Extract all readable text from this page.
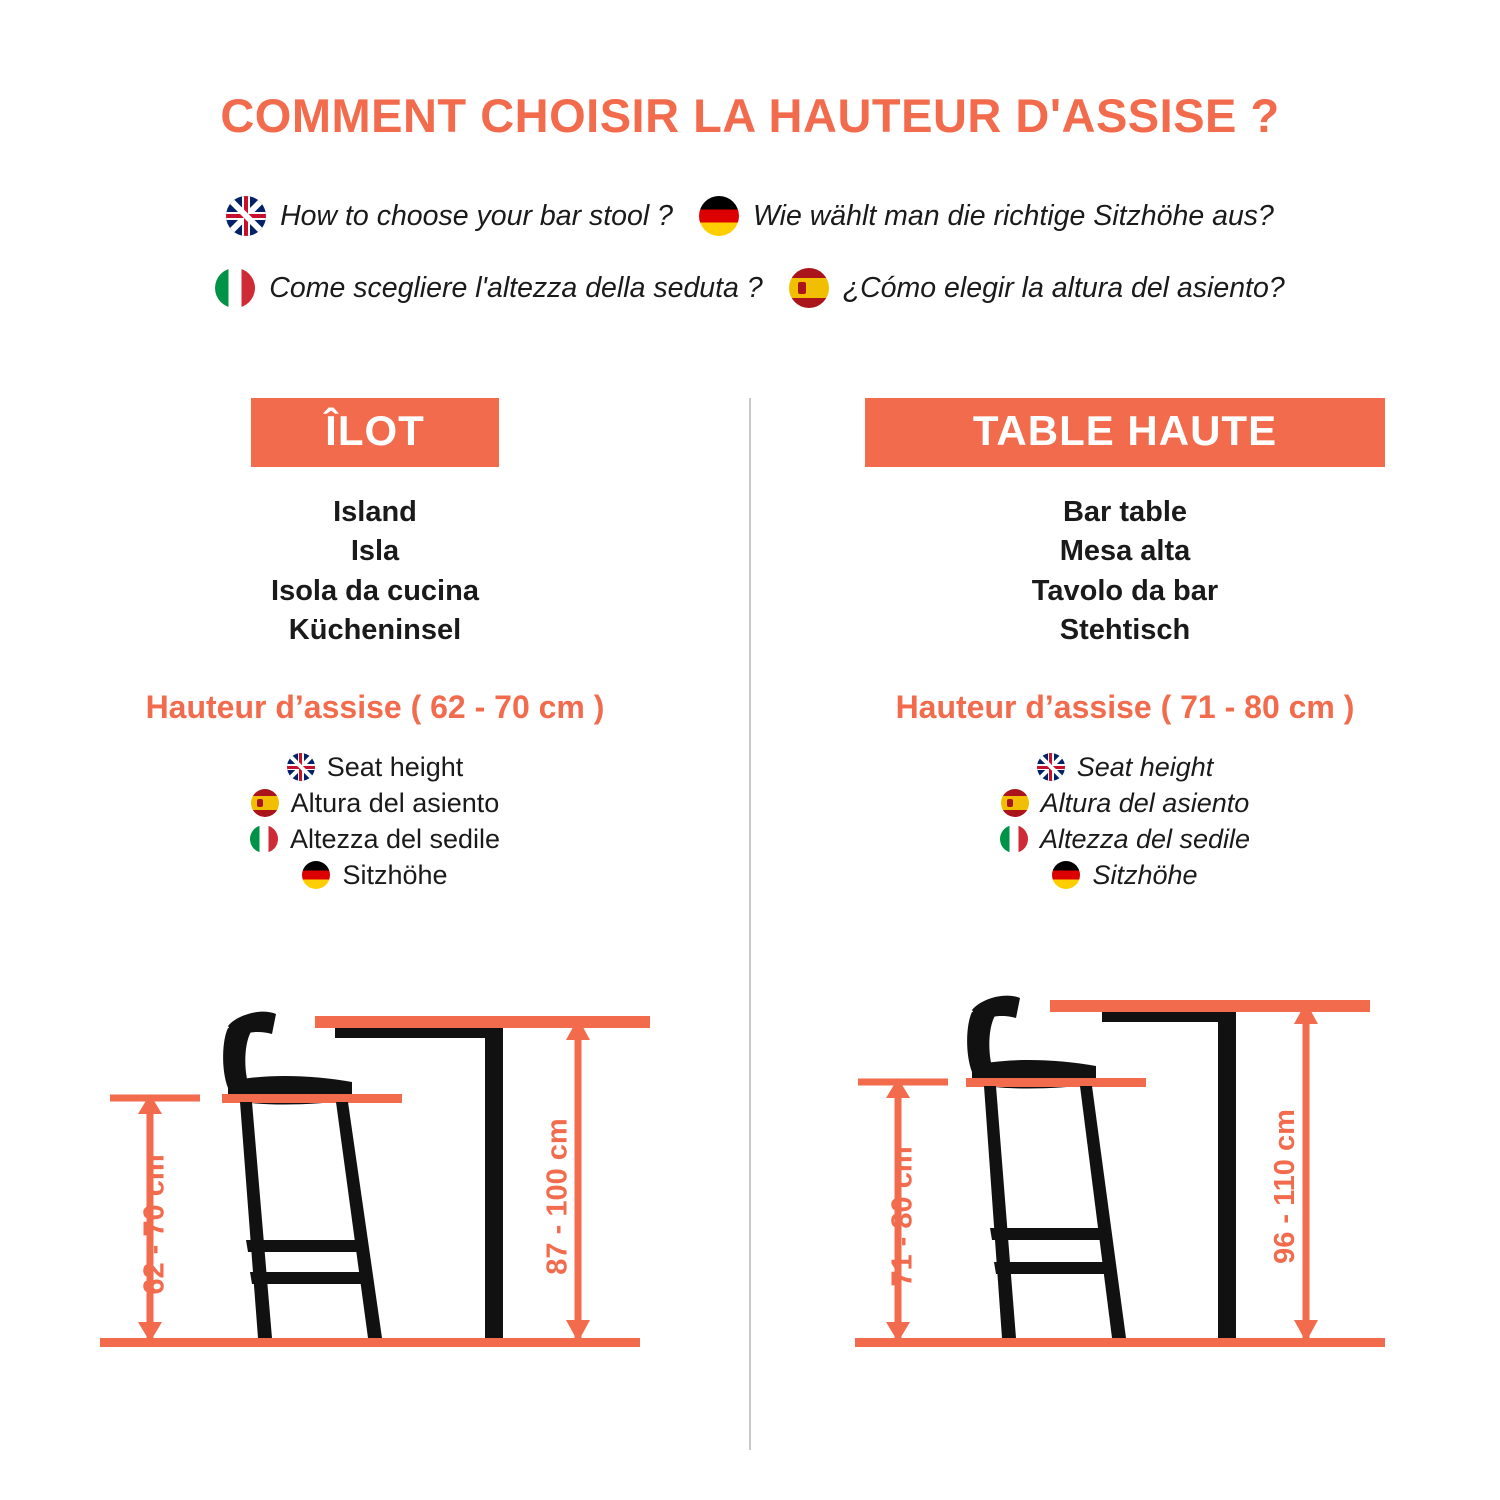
COMMENT CHOISIR LA HAUTEUR D'ASSISE ?
How to choose your bar stool ?	Wie wählt man die richtige Sitzhöhe aus?
Come scegliere l'altezza della seduta ?	¿Cómo elegir la altura del asiento?
ÎLOT
Island
Isla
Isola da cucina
Kücheninsel
Hauteur d’assise ( 62 - 70 cm )
Seat height
Altura del asiento
Altezza del sedile
Sitzhöhe
TABLE HAUTE
Bar table
Mesa alta
Tavolo da bar
Stehtisch
Hauteur d’assise ( 71 - 80 cm )
Seat height
Altura del asiento
Altezza del sedile
Sitzhöhe
62 - 70 cm	87 - 100 cm	71 - 80 cm	96 - 110 cm
